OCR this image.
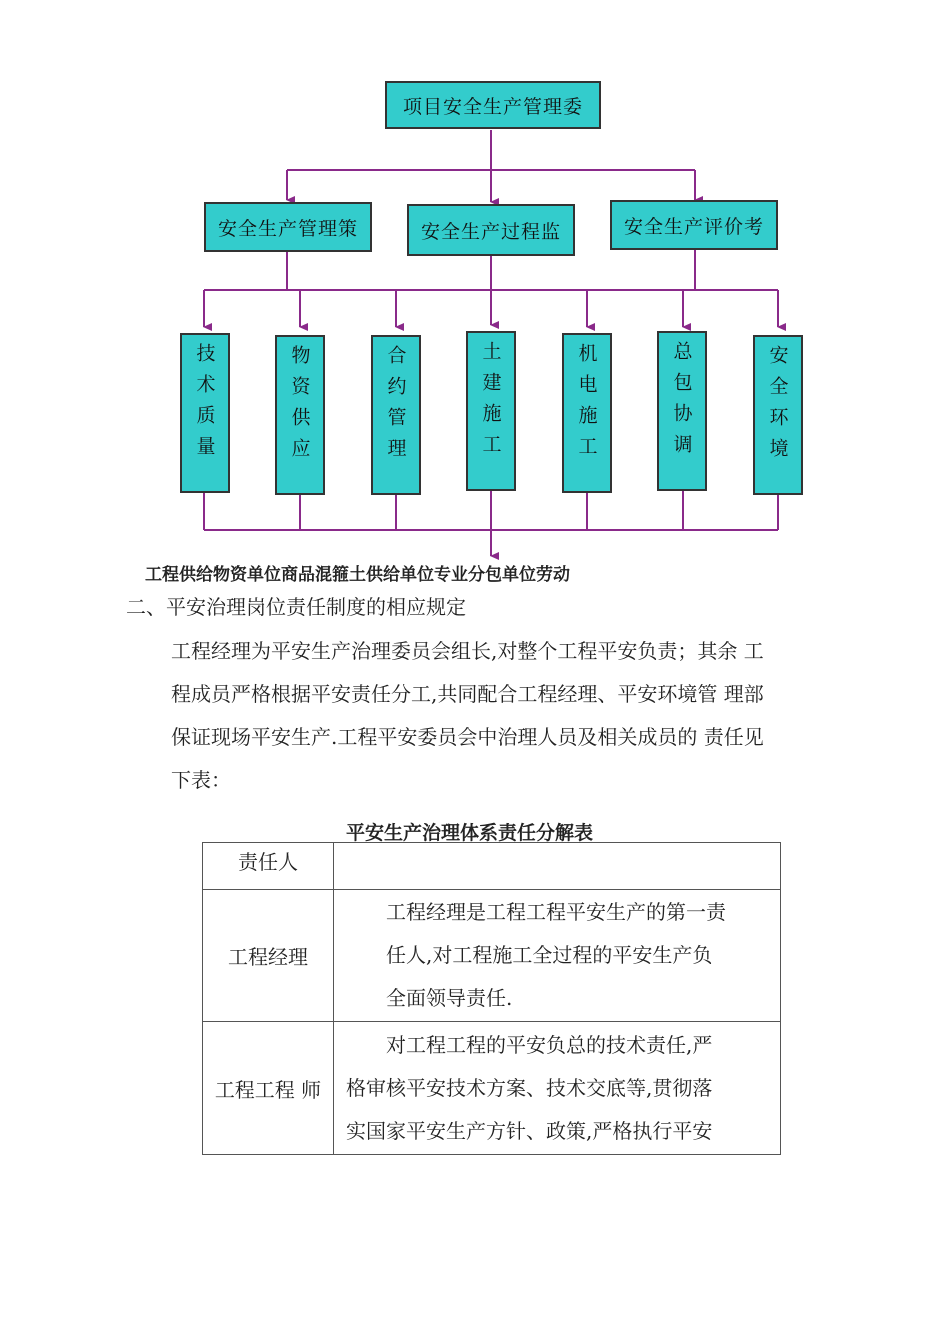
项目安全生产管理委
安全生产管理策	安全生产过程监	安全生产评价考
技术质量	物资供应	合约管理	土建施工	机电施工	总包协调	安全环境
工程供给物资单位商品混箍土供给单位专业分包单位劳动
二、平安治理岗位责任制度的相应规定
工程经理为平安生产治理委员会组长,对整个工程平安负责；其余 工
程成员严格根据平安责任分工,共同配合工程经理、平安环境管 理部
保证现场平安生产.工程平安委员会中治理人员及相关成员的 责任见
下表：
平安生产治理体系责任分解表
责任人	
工程经理	　　工程经理是工程工程平安生产的第一责
　　任人,对工程施工全过程的平安生产负
　　全面领导责任.

工程工程 师	　　对工程工程的平安负总的技术责任,严
格审核平安技术方案、技术交底等,贯彻落
实国家平安生产方针、政策,严格执行平安
